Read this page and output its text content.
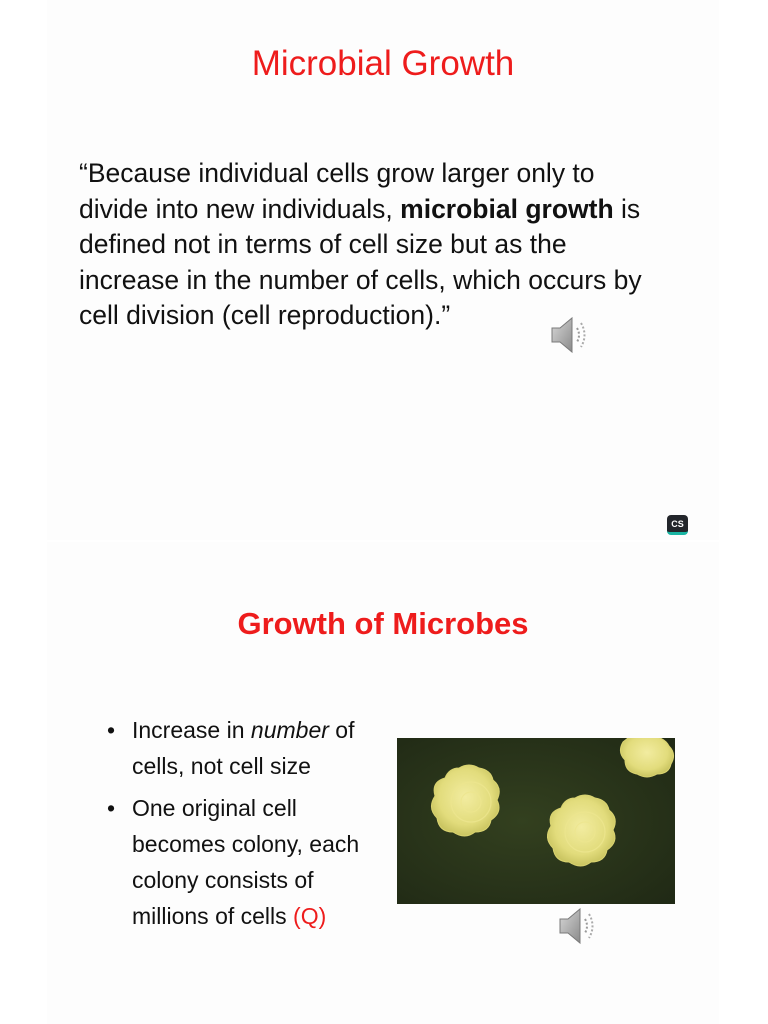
Microbial Growth

“Because individual cells grow larger only to divide into new individuals, microbial growth is defined not in terms of cell size but as the increase in the number of cells, which occurs by cell division (cell reproduction).”

CS
Growth of Microbes
• Increase in number of cells, not cell size
• One original cell becomes colony, each colony consists of millions of cells (Q)
